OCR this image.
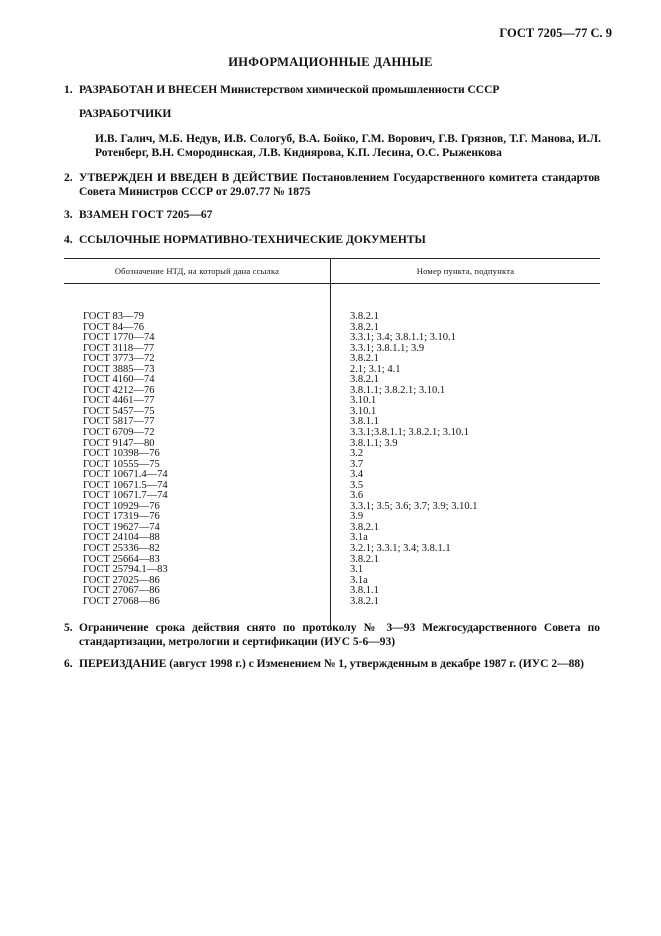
ГОСТ 7205—77 С. 9
ИНФОРМАЦИОННЫЕ ДАННЫЕ
1. РАЗРАБОТАН И ВНЕСЕН Министерством химической промышленности СССР
РАЗРАБОТЧИКИ
И.В. Галич, М.Б. Недув, И.В. Сологуб, В.А. Бойко, Г.М. Ворович, Г.В. Грязнов, Т.Г. Манова, И.Л. Ротенберг, В.Н. Смородинская, Л.В. Кидиярова, К.П. Лесина, О.С. Рыженкова
2. УТВЕРЖДЕН И ВВЕДЕН В ДЕЙСТВИЕ Постановлением Государственного комитета стандартов Совета Министров СССР от 29.07.77 № 1875
3. ВЗАМЕН ГОСТ 7205—67
4. ССЫЛОЧНЫЕ НОРМАТИВНО-ТЕХНИЧЕСКИЕ ДОКУМЕНТЫ
Обозначение НТД, на который дана ссылка	Номер пункта, подпункта
ГОСТ 83—79
ГОСТ 84—76
ГОСТ 1770—74
ГОСТ 3118—77
ГОСТ 3773—72
ГОСТ 3885—73
ГОСТ 4160—74
ГОСТ 4212—76
ГОСТ 4461—77
ГОСТ 5457—75
ГОСТ 5817—77
ГОСТ 6709—72
ГОСТ 9147—80
ГОСТ 10398—76
ГОСТ 10555—75
ГОСТ 10671.4—74
ГОСТ 10671.5—74
ГОСТ 10671.7—74
ГОСТ 10929—76
ГОСТ 17319—76
ГОСТ 19627—74
ГОСТ 24104—88
ГОСТ 25336—82
ГОСТ 25664—83
ГОСТ 25794.1—83
ГОСТ 27025—86
ГОСТ 27067—86
ГОСТ 27068—86
3.8.2.1
3.8.2.1
3.3.1; 3.4; 3.8.1.1; 3.10.1
3.3.1; 3.8.1.1; 3.9
3.8.2.1
2.1; 3.1; 4.1
3.8.2.1
3.8.1.1; 3.8.2.1; 3.10.1
3.10.1
3.10.1
3.8.1.1
3.3.1;3.8.1.1; 3.8.2.1; 3.10.1
3.8.1.1; 3.9
3.2
3.7
3.4
3.5
3.6
3.3.1; 3.5; 3.6; 3.7; 3.9; 3.10.1
3.9
3.8.2.1
3.1а
3.2.1; 3.3.1; 3.4; 3.8.1.1
3.8.2.1
3.1
3.1а
3.8.1.1
3.8.2.1
5. Ограничение срока действия снято по протоколу № 3—93 Межгосударственного Совета по стандартизации, метрологии и сертификации (ИУС 5-6—93)
6. ПЕРЕИЗДАНИЕ (август 1998 г.) с Изменением № 1, утвержденным в декабре 1987 г. (ИУС 2—88)
